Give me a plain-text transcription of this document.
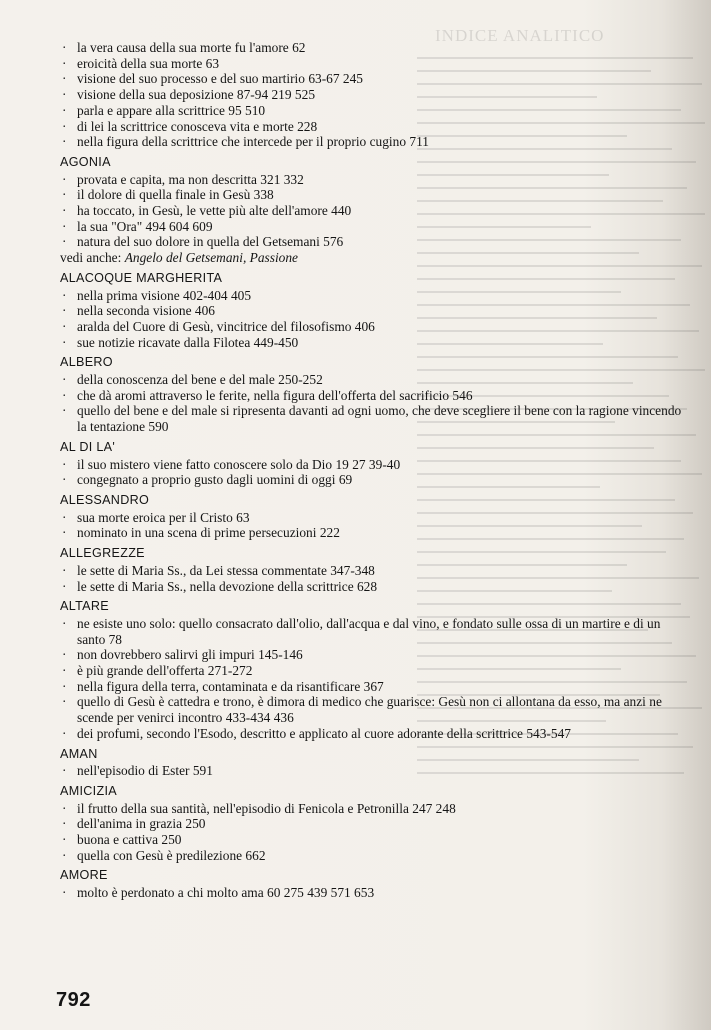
INDICE ANALITICO
· la vera causa della sua morte fu l'amore 62
· eroicità della sua morte 63
· visione del suo processo e del suo martirio 63-67 245
· visione della sua deposizione 87-94 219 525
· parla e appare alla scrittrice 95 510
· di lei la scrittrice conosceva vita e morte 228
· nella figura della scrittrice che intercede per il proprio cugino 711
AGONIA
· provata e capita, ma non descritta 321 332
· il dolore di quella finale in Gesù 338
· ha toccato, in Gesù, le vette più alte dell'amore 440
· la sua "Ora" 494 604 609
· natura del suo dolore in quella del Getsemani 576
vedi anche: Angelo del Getsemani, Passione
ALACOQUE MARGHERITA
· nella prima visione 402-404 405
· nella seconda visione 406
· aralda del Cuore di Gesù, vincitrice del filosofismo 406
· sue notizie ricavate dalla Filotea 449-450
ALBERO
· della conoscenza del bene e del male 250-252
· che dà aromi attraverso le ferite, nella figura dell'offerta del sacrificio 546
· quello del bene e del male si ripresenta davanti ad ogni uomo, che deve scegliere il bene con la ragione vincendo la tentazione 590
AL DI LA'
· il suo mistero viene fatto conoscere solo da Dio 19 27 39-40
· congegnato a proprio gusto dagli uomini di oggi 69
ALESSANDRO
· sua morte eroica per il Cristo 63
· nominato in una scena di prime persecuzioni 222
ALLEGREZZE
· le sette di Maria Ss., da Lei stessa commentate 347-348
· le sette di Maria Ss., nella devozione della scrittrice 628
ALTARE
· ne esiste uno solo: quello consacrato dall'olio, dall'acqua e dal vino, e fondato sulle ossa di un martire e di un santo 78
· non dovrebbero salirvi gli impuri 145-146
· è più grande dell'offerta 271-272
· nella figura della terra, contaminata e da risantificare 367
· quello di Gesù è cattedra e trono, è dimora di medico che guarisce: Gesù non ci allontana da esso, ma anzi ne scende per venirci incontro 433-434 436
· dei profumi, secondo l'Esodo, descritto e applicato al cuore adorante della scrittrice 543-547
AMAN
· nell'episodio di Ester 591
AMICIZIA
· il frutto della sua santità, nell'episodio di Fenicola e Petronilla 247 248
· dell'anima in grazia 250
· buona e cattiva 250
· quella con Gesù è predilezione 662
AMORE
· molto è perdonato a chi molto ama 60 275 439 571 653
792
